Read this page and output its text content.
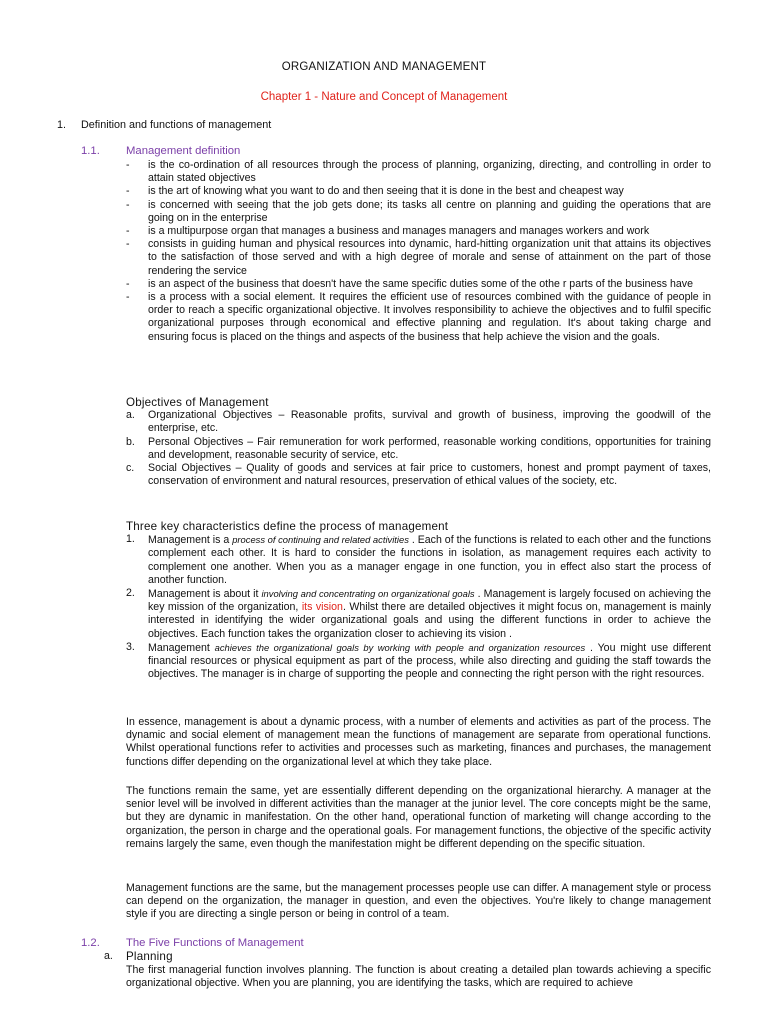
ORGANIZATION AND MANAGEMENT
Chapter 1 - Nature and Concept of Management
1. Definition and functions of management
1.1. Management definition
- is the co-ordination of all resources through the process of planning, organizing, directing, and controlling in order to attain stated objectives
- is the art of knowing what you want to do and then seeing that it is done in the best and cheapest way
- is concerned with seeing that the job gets done; its tasks all centre on planning and guiding the operations that are going on in the enterprise
- is a multipurpose organ that manages a business and manages managers and manages workers and work
- consists in guiding human and physical resources into dynamic, hard-hitting organization unit that attains its objectives to the satisfaction of those served and with a high degree of morale and sense of attainment on the part of those rendering the service
- is an aspect of the business that doesn't have the same specific duties some of the othe r parts of the business have
- is a process with a social element. It requires the efficient use of resources combined with the guidance of people in order to reach a specific organizational objective. It involves responsibility to achieve the objectives and to fulfil specific organizational purposes through economical and effective planning and regulation. It's about taking charge and ensuring focus is placed on the things and aspects of the business that help achieve the vision and the goals.
Objectives of Management
a. Organizational Objectives – Reasonable profits, survival and growth of business, improving the goodwill of the enterprise, etc.
b. Personal Objectives – Fair remuneration for work performed, reasonable working conditions, opportunities for training and development, reasonable security of service, etc.
c. Social Objectives – Quality of goods and services at fair price to customers, honest and prompt payment of taxes, conservation of environment and natural resources, preservation of ethical values of the society, etc.
Three key characteristics define the process of management
1. Management is a process of continuing and related activities . Each of the functions is related to each other and the functions complement each other. It is hard to consider the functions in isolation, as management requires each activity to complement one another. When you as a manager engage in one function, you in effect also start the process of another function.
2. Management is about it involving and concentrating on organizational goals . Management is largely focused on achieving the key mission of the organization, its vision. Whilst there are detailed objectives it might focus on, management is mainly interested in identifying the wider organizational goals and using the different functions in order to achieve the objectives. Each function takes the organization closer to achieving its vision .
3. Management achieves the organizational goals by working with people and organization resources . You might use different financial resources or physical equipment as part of the process, while also directing and guiding the staff towards the objectives. The manager is in charge of supporting the people and connecting the right person with the right resources.
In essence, management is about a dynamic process, with a number of elements and activities as part of the process. The dynamic and social element of management mean the functions of management are separate from operational functions. Whilst operational functions refer to activities and processes such as marketing, finances and purchases, the management functions differ depending on the organizational level at which they take place.
The functions remain the same, yet are essentially different depending on the organizational hierarchy. A manager at the senior level will be involved in different activities than the manager at the junior level. The core concepts might be the same, but they are dynamic in manifestation. On the other hand, operational function of marketing will change according to the organization, the person in charge and the operational goals. For management functions, the objective of the specific activity remains largely the same, even though the manifestation might be different depending on the specific situation.
Management functions are the same, but the management processes people use can differ. A management style or process can depend on the organization, the manager in question, and even the objectives. You're likely to change management style if you are directing a single person or being in control of a team.
1.2. The Five Functions of Management
a. Planning
The first managerial function involves planning. The function is about creating a detailed plan towards achieving a specific organizational objective. When you are planning, you are identifying the tasks, which are required to achieve
